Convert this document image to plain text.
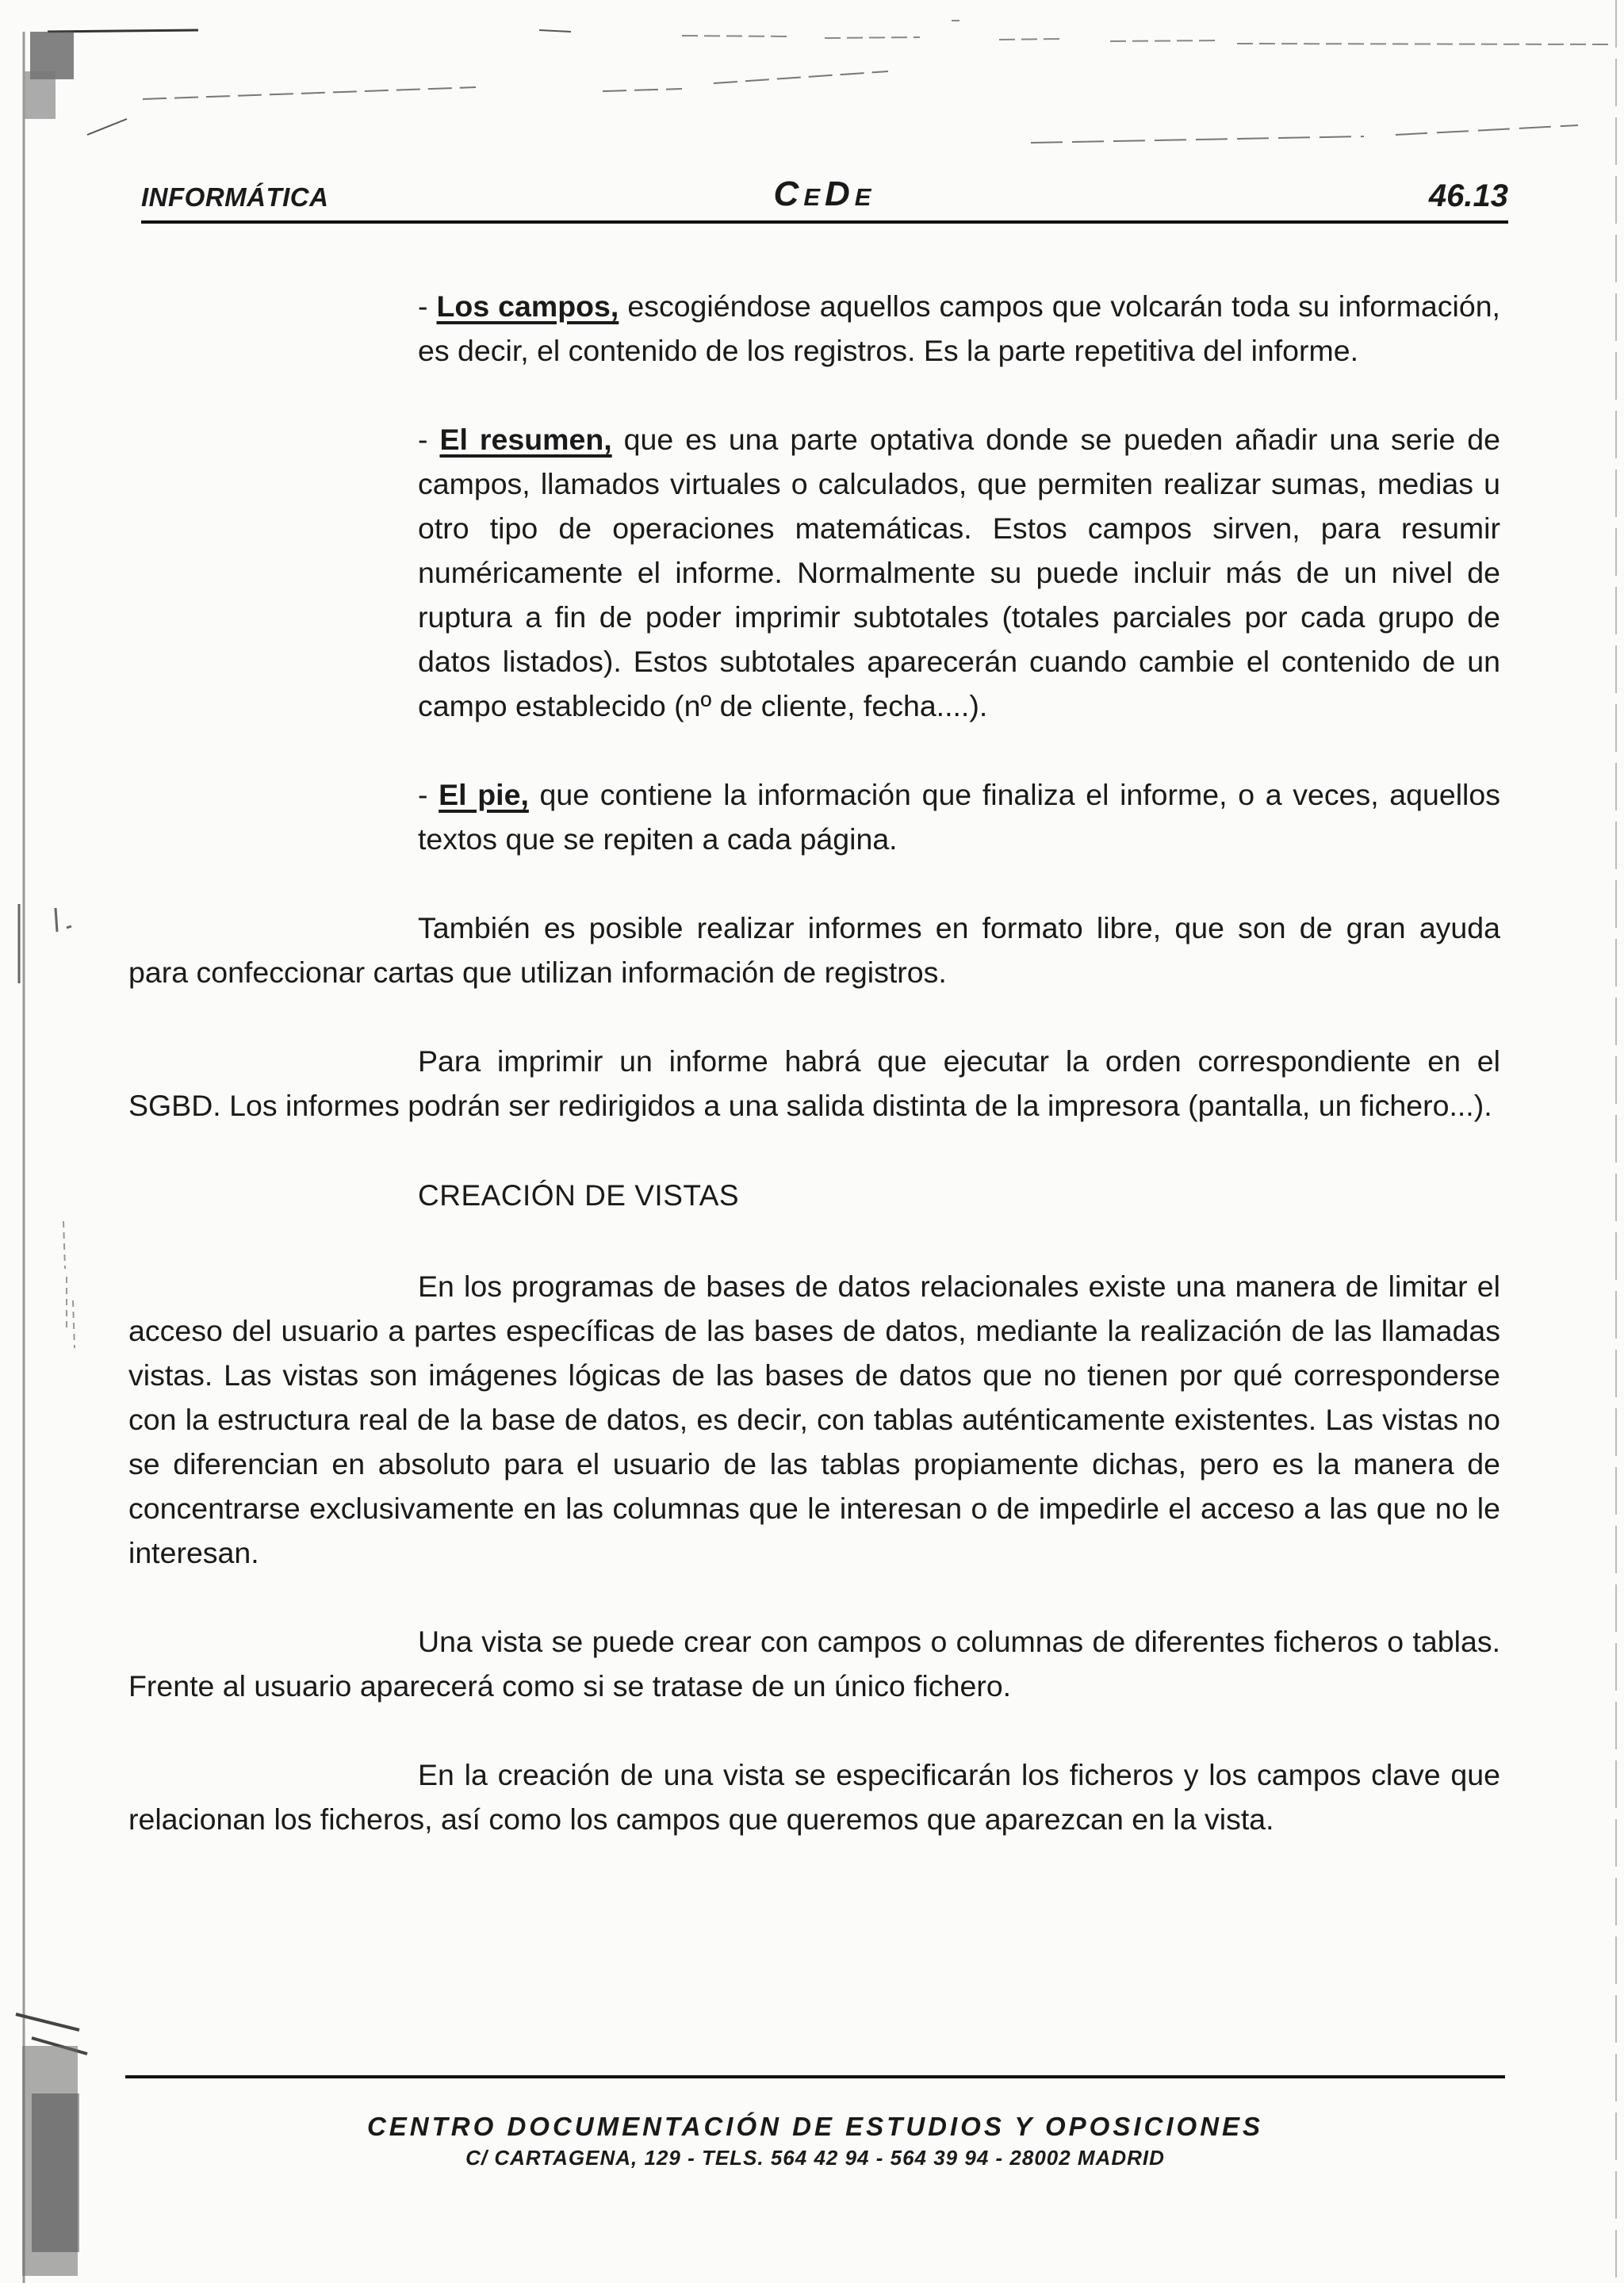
INFORMÁTICA	CeDe	46.13

- Los campos, escogiéndose aquellos campos que volcarán toda su información, es decir, el contenido de los registros. Es la parte repetitiva del informe.

- El resumen, que es una parte optativa donde se pueden añadir una serie de campos, llamados virtuales o calculados, que permiten realizar sumas, medias u otro tipo de operaciones matemáticas. Estos campos sirven, para resumir numéricamente el informe. Normalmente su puede incluir más de un nivel de ruptura a fin de poder imprimir subtotales (totales parciales por cada grupo de datos listados). Estos subtotales aparecerán cuando cambie el contenido de un campo establecido (nº de cliente, fecha....).

- El pie, que contiene la información que finaliza el informe, o a veces, aquellos textos que se repiten a cada página.

También es posible realizar informes en formato libre, que son de gran ayuda para confeccionar cartas que utilizan información de registros.

Para imprimir un informe habrá que ejecutar la orden correspondiente en el SGBD. Los informes podrán ser redirigidos a una salida distinta de la impresora (pantalla, un fichero...).

CREACIÓN DE VISTAS

En los programas de bases de datos relacionales existe una manera de limitar el acceso del usuario a partes específicas de las bases de datos, mediante la realización de las llamadas vistas. Las vistas son imágenes lógicas de las bases de datos que no tienen por qué corresponderse con la estructura real de la base de datos, es decir, con tablas auténticamente existentes. Las vistas no se diferencian en absoluto para el usuario de las tablas propiamente dichas, pero es la manera de concentrarse exclusivamente en las columnas que le interesan o de impedirle el acceso a las que no le interesan.

Una vista se puede crear con campos o columnas de diferentes ficheros o tablas. Frente al usuario aparecerá como si se tratase de un único fichero.

En la creación de una vista se especificarán los ficheros y los campos clave que relacionan los ficheros, así como los campos que queremos que aparezcan en la vista.

CENTRO DOCUMENTACIÓN DE ESTUDIOS Y OPOSICIONES
C/ CARTAGENA, 129 - TELS. 564 42 94 - 564 39 94 - 28002 MADRID
